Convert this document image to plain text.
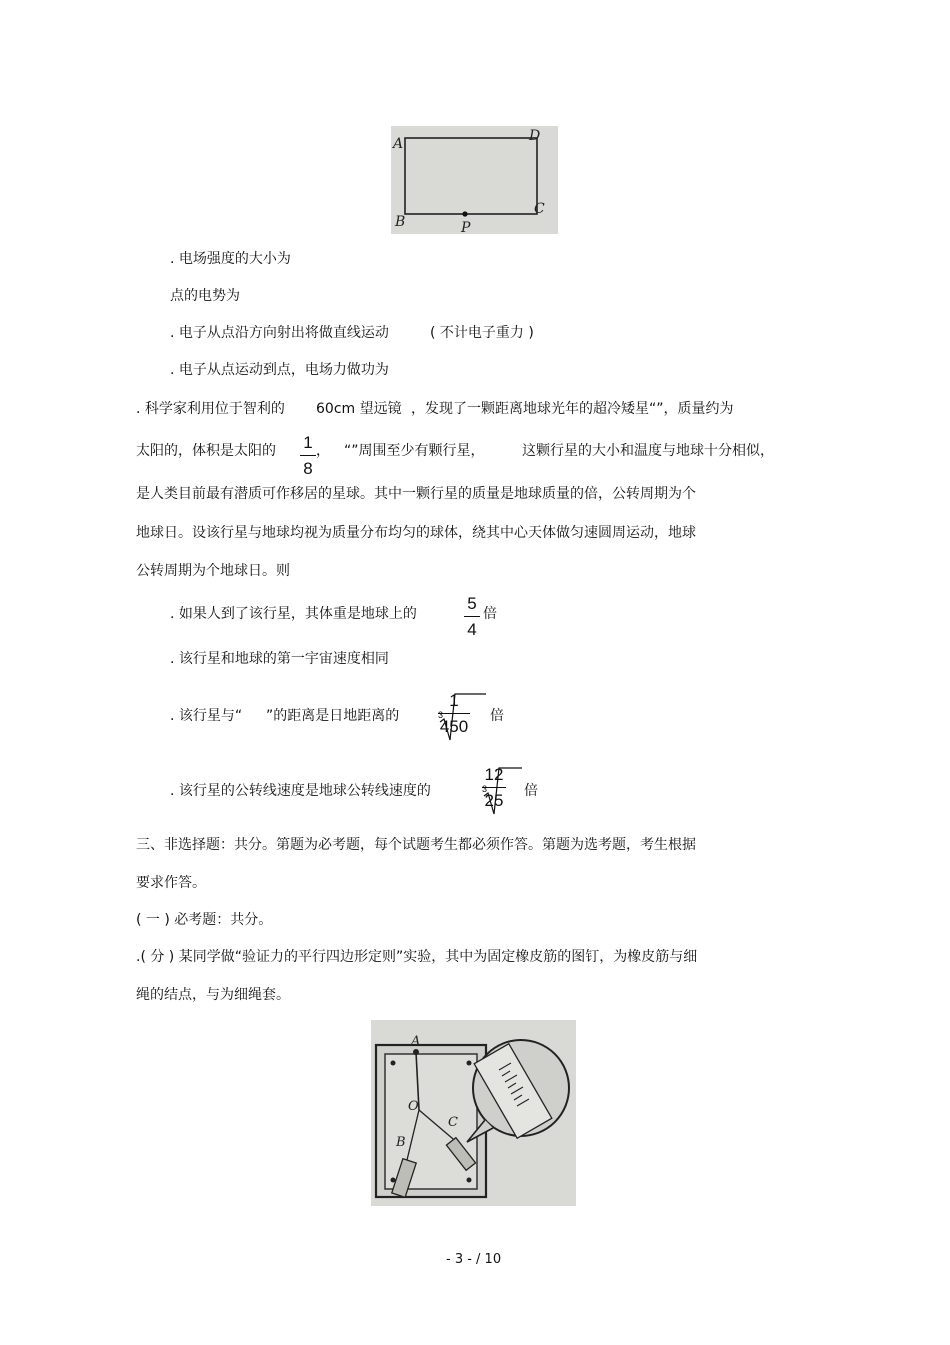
A	D
B
C
P
. 电场强度的大小为
点的电势为
. 电子从点沿方向射出将做直线运动	( 不计电子重力 )
. 电子从点运动到点，电场力做功为
. 科学家利用位于智利的 60cm 望远镜 ，发现了一颗距离地球光年的超冷矮星“”，质量约为
太阳的，体积是太阳的 1
8
， “”周围至少有颗行星，	这颗行星的大小和温度与地球十分相似，
是人类目前最有潜质可作移居的星球。其中一颗行星的质量是地球质量的倍，公转周期为个
地球日。设该行星与地球均视为质量分布均匀的球体，绕其中心天体做匀速圆周运动，地球
公转周期为个地球日。则
. 如果人到了该行星，其体重是地球上的
5
4
倍
. 该行星和地球的第一宇宙速度相同
. 该行星与“ ”的距离是日地距离的	3
$\frac{1}{450}$ 倍
. 该行星的公转线速度是地球公转线速度的	3
$\frac{12}{25}$ 倍
三、非选择题：共分。第题为必考题，每个试题考生都必须作答。第题为选考题，考生根据
要求作答。
( 一 ) 必考题：共分。
.( 分 ) 某同学做“验证力的平行四边形定则”实验，其中为固定橡皮筋的图钉，为橡皮筋与细
绳的结点，与为细绳套。
A
O
B
C
- 3 - / 10
